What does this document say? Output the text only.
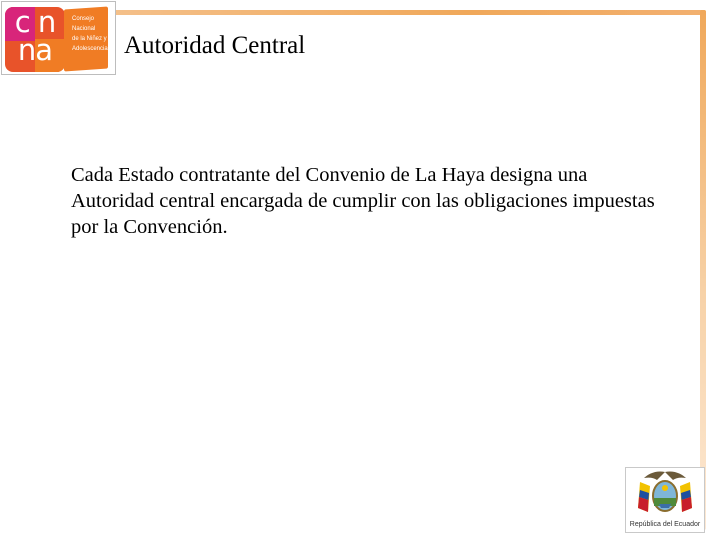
c n
na
Consejo
Nacional
de la Niñez y
Adolescencia Autoridad Central

Cada Estado contratante del Convenio de La Haya designa una Autoridad central encargada de cumplir con las obligaciones impuestas por la Convención.

República del Ecuador
